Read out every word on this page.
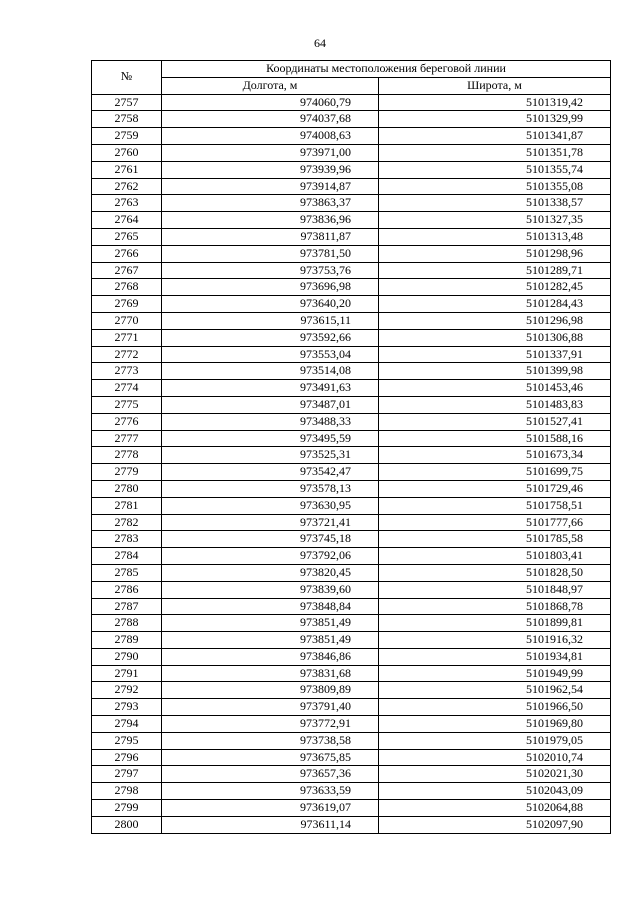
64
№	Координаты местоположения береговой линии	
	Долгота, м	Широта, м
2757	974060,79	5101319,42
2758	974037,68	5101329,99
2759	974008,63	5101341,87
2760	973971,00	5101351,78
2761	973939,96	5101355,74
2762	973914,87	5101355,08
2763	973863,37	5101338,57
2764	973836,96	5101327,35
2765	973811,87	5101313,48
2766	973781,50	5101298,96
2767	973753,76	5101289,71
2768	973696,98	5101282,45
2769	973640,20	5101284,43
2770	973615,11	5101296,98
2771	973592,66	5101306,88
2772	973553,04	5101337,91
2773	973514,08	5101399,98
2774	973491,63	5101453,46
2775	973487,01	5101483,83
2776	973488,33	5101527,41
2777	973495,59	5101588,16
2778	973525,31	5101673,34
2779	973542,47	5101699,75
2780	973578,13	5101729,46
2781	973630,95	5101758,51
2782	973721,41	5101777,66
2783	973745,18	5101785,58
2784	973792,06	5101803,41
2785	973820,45	5101828,50
2786	973839,60	5101848,97
2787	973848,84	5101868,78
2788	973851,49	5101899,81
2789	973851,49	5101916,32
2790	973846,86	5101934,81
2791	973831,68	5101949,99
2792	973809,89	5101962,54
2793	973791,40	5101966,50
2794	973772,91	5101969,80
2795	973738,58	5101979,05
2796	973675,85	5102010,74
2797	973657,36	5102021,30
2798	973633,59	5102043,09
2799	973619,07	5102064,88
2800	973611,14	5102097,90
